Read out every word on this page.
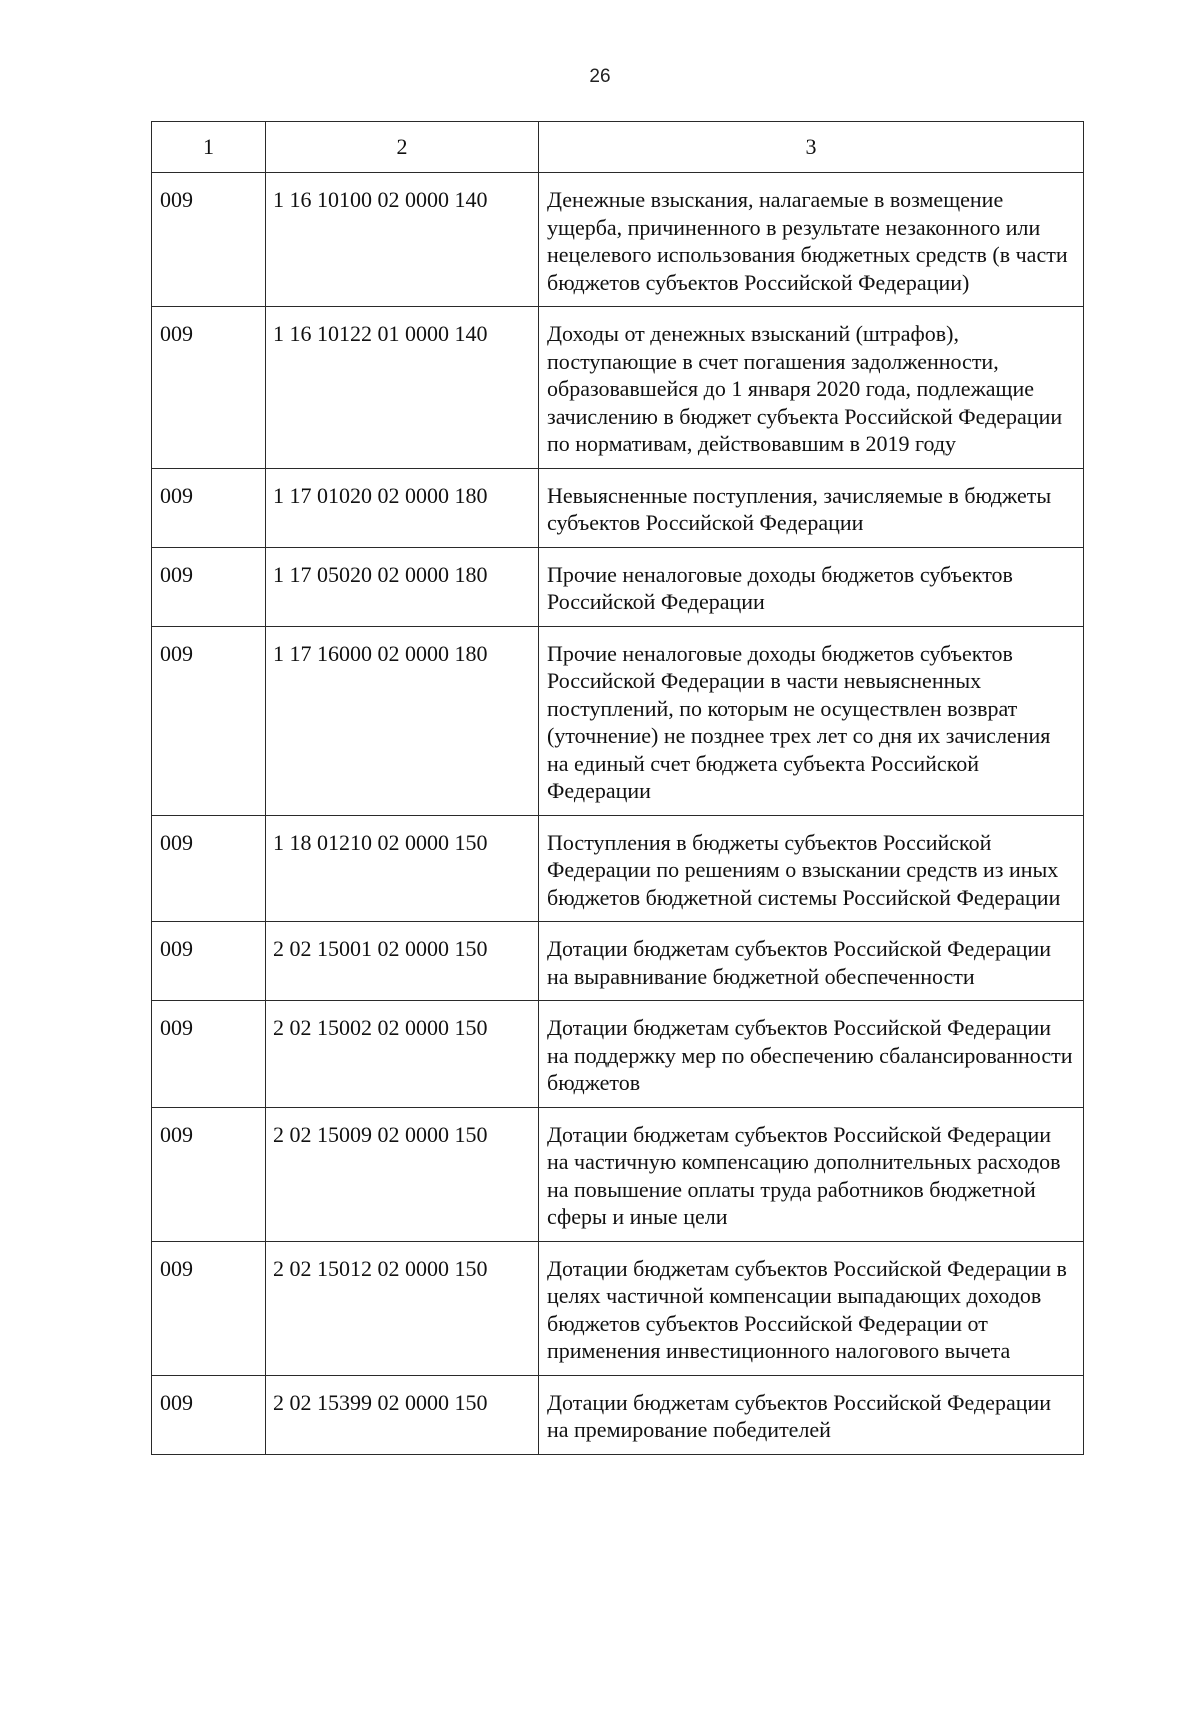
26
1	2	3
009	1 16 10100 02 0000 140	Денежные взыскания, налагаемые в возмещение ущерба, причиненного в результате незаконного или нецелевого использования бюджетных средств (в части бюджетов субъектов Российской Федерации)
009	1 16 10122 01 0000 140	Доходы от денежных взысканий (штрафов), поступающие в счет погашения задолженности, образовавшейся до 1 января 2020 года, подлежащие зачислению в бюджет субъекта Российской Федерации по нормативам, действовавшим в 2019 году
009	1 17 01020 02 0000 180	Невыясненные поступления, зачисляемые в бюджеты субъектов Российской Федерации
009	1 17 05020 02 0000 180	Прочие неналоговые доходы бюджетов субъектов Российской Федерации
009	1 17 16000 02 0000 180	Прочие неналоговые доходы бюджетов субъектов Российской Федерации в части невыясненных поступлений, по которым не осуществлен возврат (уточнение) не позднее трех лет со дня их зачисления на единый счет бюджета субъекта Российской Федерации
009	1 18 01210 02 0000 150	Поступления в бюджеты субъектов Российской Федерации по решениям о взыскании средств из иных бюджетов бюджетной системы Российской Федерации
009	2 02 15001 02 0000 150	Дотации бюджетам субъектов Российской Федерации на выравнивание бюджетной обеспеченности
009	2 02 15002 02 0000 150	Дотации бюджетам субъектов Российской Федерации на поддержку мер по обеспечению сбалансированности бюджетов
009	2 02 15009 02 0000 150	Дотации бюджетам субъектов Российской Федерации на частичную компенсацию дополнительных расходов на повышение оплаты труда работников бюджетной сферы и иные цели
009	2 02 15012 02 0000 150	Дотации бюджетам субъектов Российской Федерации в целях частичной компенсации выпадающих доходов бюджетов субъектов Российской Федерации от применения инвестиционного налогового вычета
009	2 02 15399 02 0000 150	Дотации бюджетам субъектов Российской Федерации на премирование победителей
